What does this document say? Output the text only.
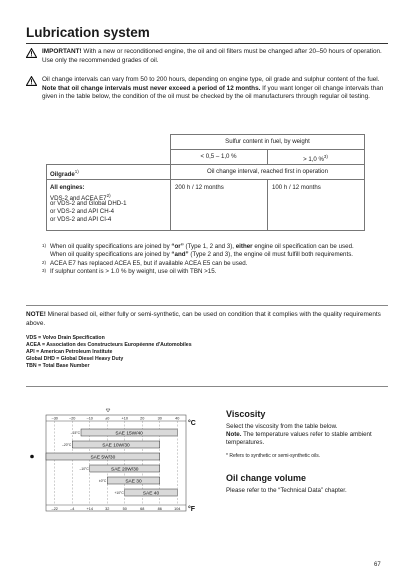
Lubrication system
IMPORTANT! With a new or reconditioned engine, the oil and oil filters must be changed after 20–50 hours of operation. Use only the recommended grades of oil.
Oil change intervals can vary from 50 to 200 hours, depending on engine type, oil grade and sulphur content of the fuel. Note that oil change intervals must never exceed a period of 12 months. If you want longer oil change intervals than given in the table below, the condition of the oil must be checked by the oil manufacturers through regular oil testing.
Sulfur content in fuel, by weight
< 0,5 – 1,0 %	> 1,0 %$^{3)}$
Oilgrade$^{1)}$	Oil change interval, reached first in operation
All engines:
VDS-2 and ACEA E7$^{2)}$
or VDS-2 and Global DHD-1
or VDS-2 and API CH-4
or VDS-2 and API CI-4
200 h / 12 months	100 h / 12 months
1) When oil quality specifications are joined by “or” (Type 1, 2 and 3), either engine oil specification can be used.
When oil quality specifications are joined by “and” (Type 2 and 3), the engine oil must fulfill both requirements.
2) ACEA E7 has replaced ACEA E5, but if available ACEA E5 can be used.
3) If sulphur content is > 1.0 % by weight, use oil with TBN >15.
NOTE! Mineral based oil, either fully or semi-synthetic, can be used on condition that it complies with the quality requirements above.
VDS = Volvo Drain Specification
ACEA = Association des Constructeurs Européenne d'Automobiles
API = American Petroleum Institute
Global DHD = Global Diesel Heavy Duty
TBN = Total Base Number
–30
–22
–20
–4
–10
+14
±0
32
+10
50
20
68
30
86
40
104
°C
°F
–15°C	SAE 15W/40
–20°C	SAE 10W/30
SAE 5W/30
–10°C	SAE 20W/30
±0°C	SAE 30
+10°C	SAE 40
Viscosity
Select the viscosity from the table below.
Note. The temperature values refer to stable ambient temperatures.
* Refers to synthetic or semi-synthetic oils.
Oil change volume
Please refer to the “Technical Data” chapter.
67
